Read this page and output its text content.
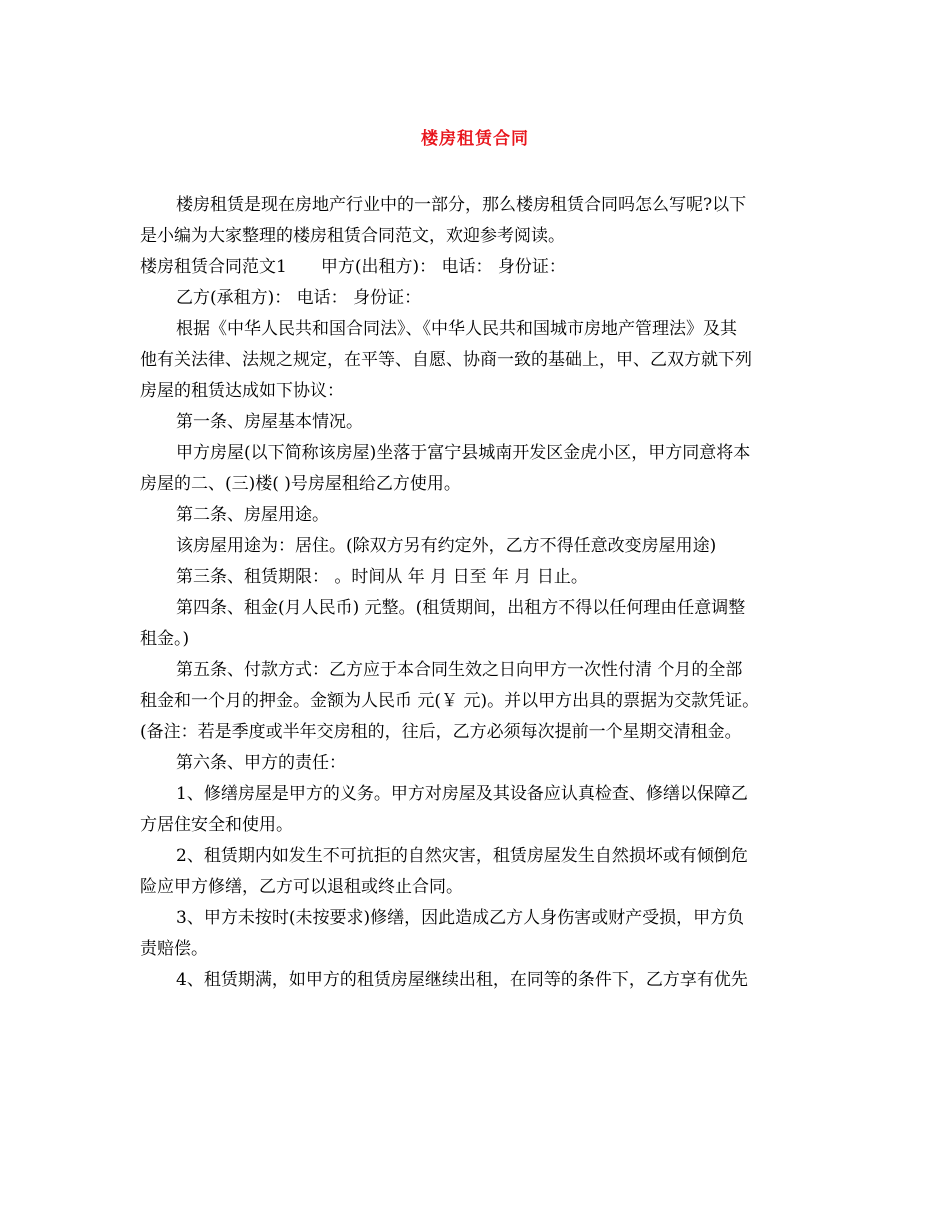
楼房租赁合同
楼房租赁是现在房地产行业中的一部分，那么楼房租赁合同吗怎么写呢?以下
是小编为大家整理的楼房租赁合同范文，欢迎参考阅读。
楼房租赁合同范文1　　甲方(出租方)： 电话： 身份证：
乙方(承租方)： 电话： 身份证：
根据《中华人民共和国合同法》、《中华人民共和国城市房地产管理法》及其
他有关法律、法规之规定，在平等、自愿、协商一致的基础上，甲、乙双方就下列
房屋的租赁达成如下协议：
第一条、房屋基本情况。
甲方房屋(以下简称该房屋)坐落于富宁县城南开发区金虎小区，甲方同意将本
房屋的二、(三)楼( )号房屋租给乙方使用。
第二条、房屋用途。
该房屋用途为：居住。(除双方另有约定外，乙方不得任意改变房屋用途)
第三条、租赁期限： 。时间从 年 月 日至 年 月 日止。
第四条、租金(月人民币) 元整。(租赁期间，出租方不得以任何理由任意调整
租金。)
第五条、付款方式：乙方应于本合同生效之日向甲方一次性付清 个月的全部
租金和一个月的押金。金额为人民币 元(￥ 元)。并以甲方出具的票据为交款凭证。
(备注：若是季度或半年交房租的，往后，乙方必须每次提前一个星期交清租金。
第六条、甲方的责任：
1、修缮房屋是甲方的义务。甲方对房屋及其设备应认真检查、修缮以保障乙
方居住安全和使用。
2、租赁期内如发生不可抗拒的自然灾害，租赁房屋发生自然损坏或有倾倒危
险应甲方修缮，乙方可以退租或终止合同。
3、甲方未按时(未按要求)修缮，因此造成乙方人身伤害或财产受损，甲方负
责赔偿。
4、租赁期满，如甲方的租赁房屋继续出租，在同等的条件下，乙方享有优先
